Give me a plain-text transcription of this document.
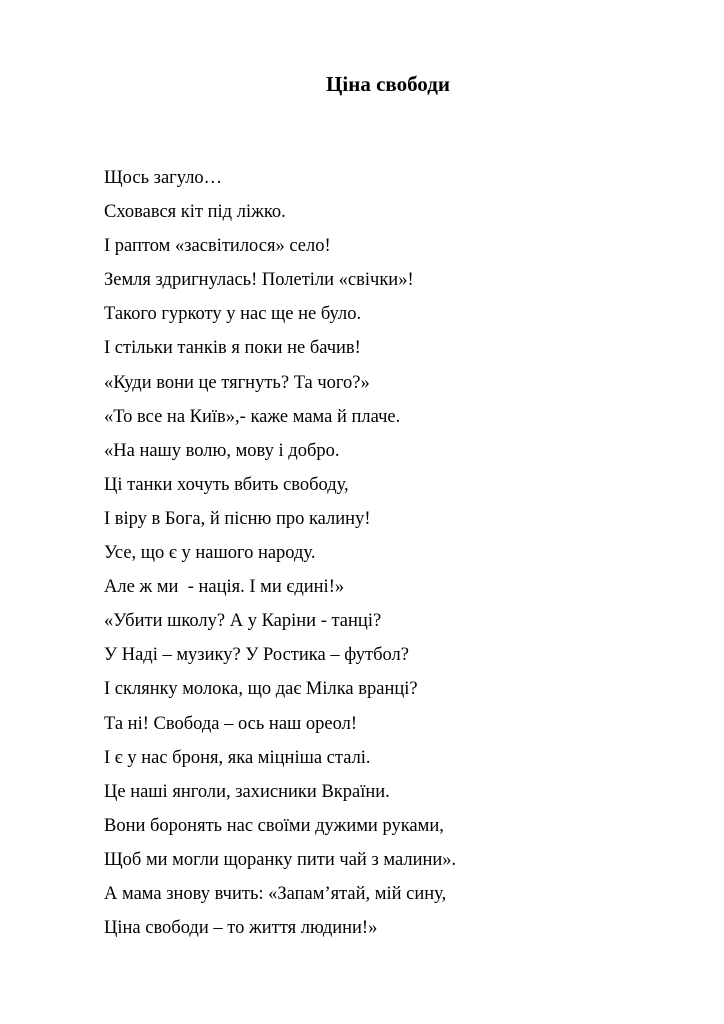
Ціна свободи
Щось загуло…
Сховався кіт під ліжко.
І раптом «засвітилося» село!
Земля здригнулась! Полетіли «свічки»!
Такого гуркоту у нас ще не було.
І стільки танків я поки не бачив!
«Куди вони це тягнуть? Та чого?»
«То все на Київ»,- каже мама й плаче.
«На нашу волю, мову і добро.
Ці танки хочуть вбить свободу,
І віру в Бога, й пісню про калину!
Усе, що є у нашого народу.
Але ж ми  - нація. І ми єдині!»
«Убити школу? А у Каріни - танці?
У Наді – музику? У Ростика – футбол?
І склянку молока, що дає Мілка вранці?
Та ні! Свобода – ось наш ореол!
І є у нас броня, яка міцніша сталі.
Це наші янголи, захисники Вкраїни.
Вони боронять нас своїми дужими руками,
Щоб ми могли щоранку пити чай з малини».
А мама знову вчить: «Запам’ятай, мій сину,
Ціна свободи – то життя людини!»
